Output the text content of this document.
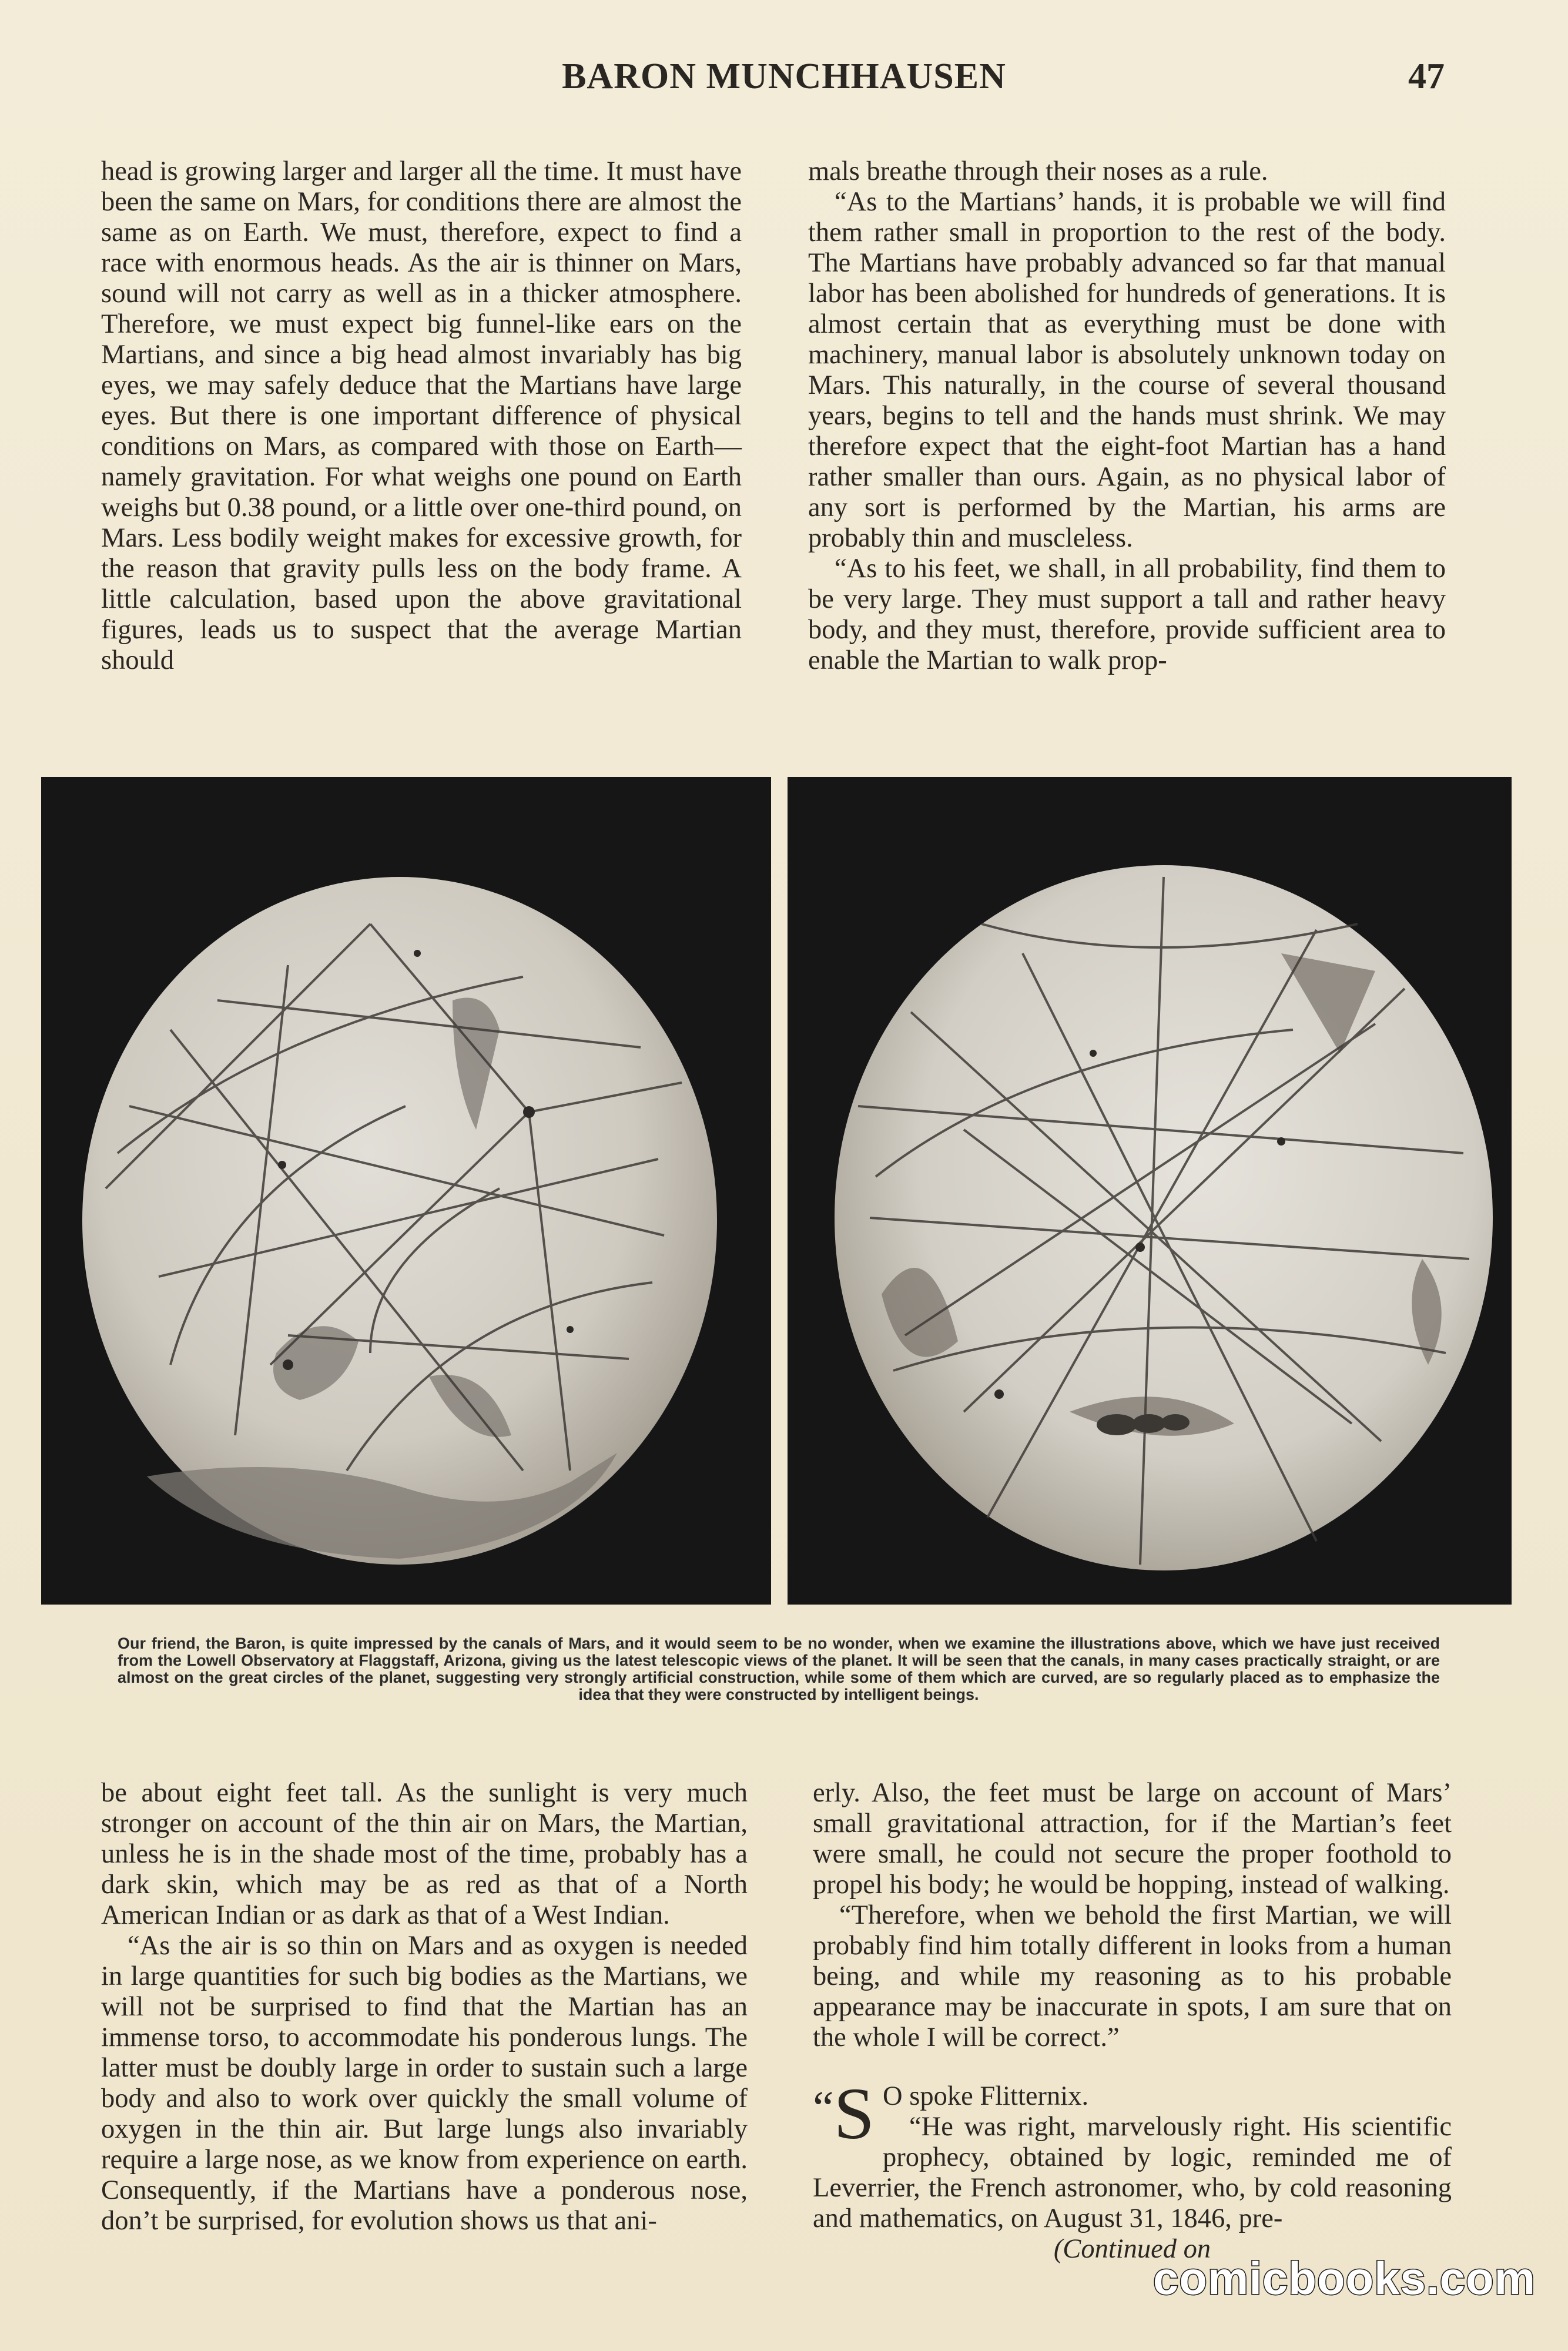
BARON MUNCHHAUSEN	47

head is growing larger and larger all the time. It must have been the same on Mars, for conditions there are almost the same as on Earth. We must, therefore, expect to find a race with enormous heads. As the air is thinner on Mars, sound will not carry as well as in a thicker atmosphere. Therefore, we must expect big funnel-like ears on the Martians, and since a big head almost invariably has big eyes, we may safely deduce that the Martians have large eyes. But there is one important difference of physical conditions on Mars, as compared with those on Earth—namely gravitation. For what weighs one pound on Earth weighs but 0.38 pound, or a little over one-third pound, on Mars. Less bodily weight makes for excessive growth, for the reason that gravity pulls less on the body frame. A little calculation, based upon the above gravitational figures, leads us to suspect that the average Martian should

mals breathe through their noses as a rule.

“As to the Martians’ hands, it is probable we will find them rather small in proportion to the rest of the body. The Martians have probably advanced so far that manual labor has been abolished for hundreds of generations. It is almost certain that as everything must be done with machinery, manual labor is absolutely unknown today on Mars. This naturally, in the course of several thousand years, begins to tell and the hands must shrink. We may therefore expect that the eight-foot Martian has a hand rather smaller than ours. Again, as no physical labor of any sort is performed by the Martian, his arms are probably thin and muscleless.

“As to his feet, we shall, in all probability, find them to be very large. They must support a tall and rather heavy body, and they must, therefore, provide sufficient area to enable the Martian to walk prop-

Our friend, the Baron, is quite impressed by the canals of Mars, and it would seem to be no wonder, when we examine the illustrations above, which we have just received from the Lowell Observatory at Flaggstaff, Arizona, giving us the latest telescopic views of the planet. It will be seen that the canals, in many cases practically straight, or are almost on the great circles of the planet, suggesting very strongly artificial construction, while some of them which are curved, are so regularly placed as to emphasize the idea that they were constructed by intelligent beings.

be about eight feet tall. As the sunlight is very much stronger on account of the thin air on Mars, the Martian, unless he is in the shade most of the time, probably has a dark skin, which may be as red as that of a North American Indian or as dark as that of a West Indian.

“As the air is so thin on Mars and as oxygen is needed in large quantities for such big bodies as the Martians, we will not be surprised to find that the Martian has an immense torso, to accommodate his ponderous lungs. The latter must be doubly large in order to sustain such a large body and also to work over quickly the small volume of oxygen in the thin air. But large lungs also invariably require a large nose, as we know from experience on earth. Consequently, if the Martians have a ponderous nose, don’t be surprised, for evolution shows us that ani-

erly. Also, the feet must be large on account of Mars’ small gravitational attraction, for if the Martian’s feet were small, he could not secure the proper foothold to propel his body; he would be hopping, instead of walking.

“Therefore, when we behold the first Martian, we will probably find him totally different in looks from a human being, and while my reasoning as to his probable appearance may be inaccurate in spots, I am sure that on the whole I will be correct.”

“S O spoke Flitternix.

“He was right, marvelously right. His scientific prophecy, obtained by logic, reminded me of Leverrier, the French astronomer, who, by cold reasoning and mathematics, on August 31, 1846, pre-

(Continued on

comicbooks.com
